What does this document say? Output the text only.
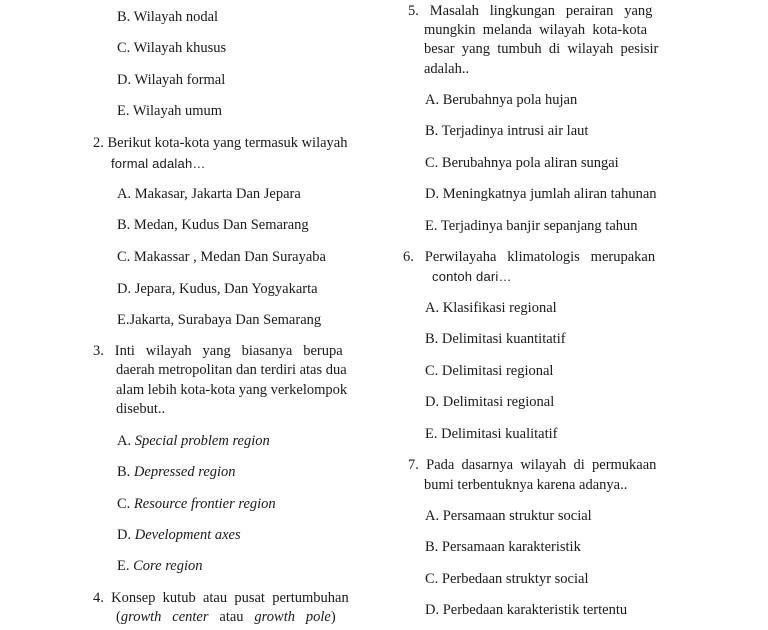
B. Wilayah nodal
C. Wilayah khusus
D. Wilayah formal
E. Wilayah umum
2. Berikut kota-kota yang termasuk wilayah
formal adalah…
A. Makasar, Jakarta Dan Jepara
B. Medan, Kudus Dan Semarang
C. Makassar , Medan Dan Surayaba
D. Jepara, Kudus, Dan Yogyakarta
E.Jakarta, Surabaya Dan Semarang
3.   Inti   wilayah   yang   biasanya   berupa
daerah metropolitan dan terdiri atas dua
alam lebih kota-kota yang verkelompok
disebut..
A. Special problem region
B. Depressed region
C. Resource frontier region
D. Development axes
E. Core region
4.  Konsep  kutub  atau  pusat  pertumbuhan
(growth   center   atau   growth   pole)
5.   Masalah   lingkungan   perairan   yang
mungkin  melanda  wilayah  kota-kota
besar  yang  tumbuh  di  wilayah  pesisir
adalah..
A. Berubahnya pola hujan
B. Terjadinya intrusi air laut
C. Berubahnya pola aliran sungai
D. Meningkatnya jumlah aliran tahunan
E. Terjadinya banjir sepanjang tahun
6.   Perwilayaha   klimatologis   merupakan
contoh dari…
A. Klasifikasi regional
B. Delimitasi kuantitatif
C. Delimitasi regional
D. Delimitasi regional
E. Delimitasi kualitatif
7.  Pada  dasarnya  wilayah  di  permukaan
bumi terbentuknya karena adanya..
A. Persamaan struktur social
B. Persamaan karakteristik
C. Perbedaan struktyr social
D. Perbedaan karakteristik tertentu
